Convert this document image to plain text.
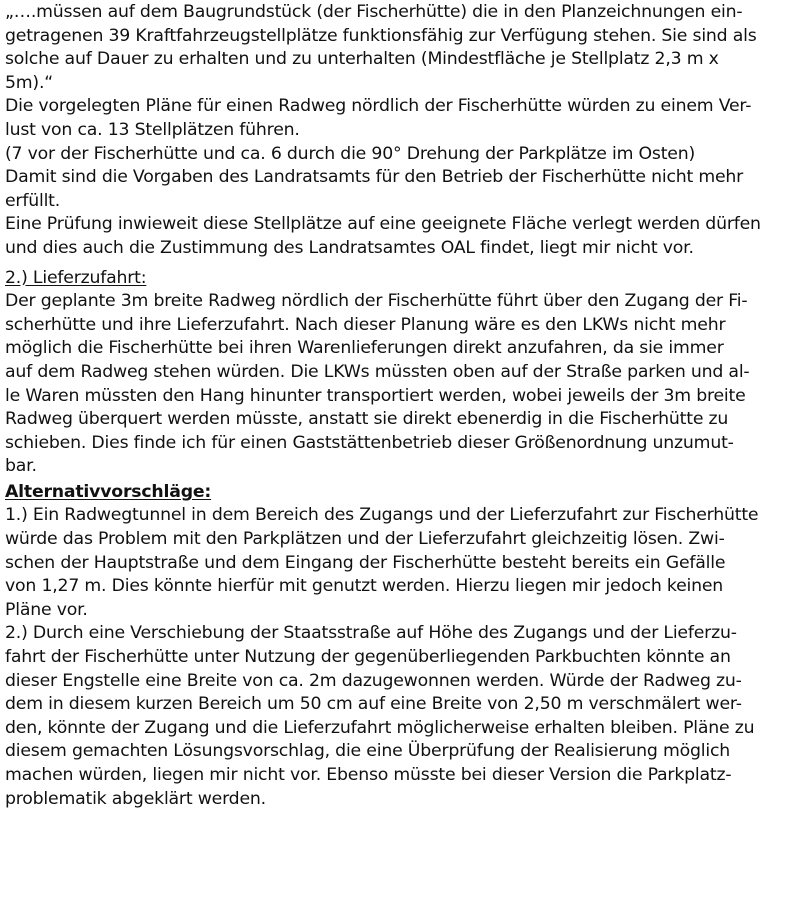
„….müssen auf dem Baugrundstück (der Fischerhütte) die in den Planzeichnungen ein-
getragenen 39 Kraftfahrzeugstellplätze funktionsfähig zur Verfügung stehen. Sie sind als
solche auf Dauer zu erhalten und zu unterhalten (Mindestfläche je Stellplatz 2,3 m x
5m).“
Die vorgelegten Pläne für einen Radweg nördlich der Fischerhütte würden zu einem Ver-
lust von ca. 13 Stellplätzen führen.
(7 vor der Fischerhütte und ca. 6 durch die 90° Drehung der Parkplätze im Osten)
Damit sind die Vorgaben des Landratsamts für den Betrieb der Fischerhütte nicht mehr
erfüllt.
Eine Prüfung inwieweit diese Stellplätze auf eine geeignete Fläche verlegt werden dürfen
und dies auch die Zustimmung des Landratsamtes OAL findet, liegt mir nicht vor.
2.) Lieferzufahrt:
Der geplante 3m breite Radweg nördlich der Fischerhütte führt über den Zugang der Fi-
scherhütte und ihre Lieferzufahrt. Nach dieser Planung wäre es den LKWs nicht mehr
möglich die Fischerhütte bei ihren Warenlieferungen direkt anzufahren, da sie immer
auf dem Radweg stehen würden. Die LKWs müssten oben auf der Straße parken und al-
le Waren müssten den Hang hinunter transportiert werden, wobei jeweils der 3m breite
Radweg überquert werden müsste, anstatt sie direkt ebenerdig in die Fischerhütte zu
schieben. Dies finde ich für einen Gaststättenbetrieb dieser Größenordnung unzumut-
bar.
Alternativvorschläge:
1.) Ein Radwegtunnel in dem Bereich des Zugangs und der Lieferzufahrt zur Fischerhütte
würde das Problem mit den Parkplätzen und der Lieferzufahrt gleichzeitig lösen. Zwi-
schen der Hauptstraße und dem Eingang der Fischerhütte besteht bereits ein Gefälle
von 1,27 m. Dies könnte hierfür mit genutzt werden. Hierzu liegen mir jedoch keinen
Pläne vor.
2.) Durch eine Verschiebung der Staatsstraße auf Höhe des Zugangs und der Lieferzu-
fahrt der Fischerhütte unter Nutzung der gegenüberliegenden Parkbuchten könnte an
dieser Engstelle eine Breite von ca. 2m dazugewonnen werden. Würde der Radweg zu-
dem in diesem kurzen Bereich um 50 cm auf eine Breite von 2,50 m verschmälert wer-
den, könnte der Zugang und die Lieferzufahrt möglicherweise erhalten bleiben. Pläne zu
diesem gemachten Lösungsvorschlag, die eine Überprüfung der Realisierung möglich
machen würden, liegen mir nicht vor. Ebenso müsste bei dieser Version die Parkplatz-
problematik abgeklärt werden.
